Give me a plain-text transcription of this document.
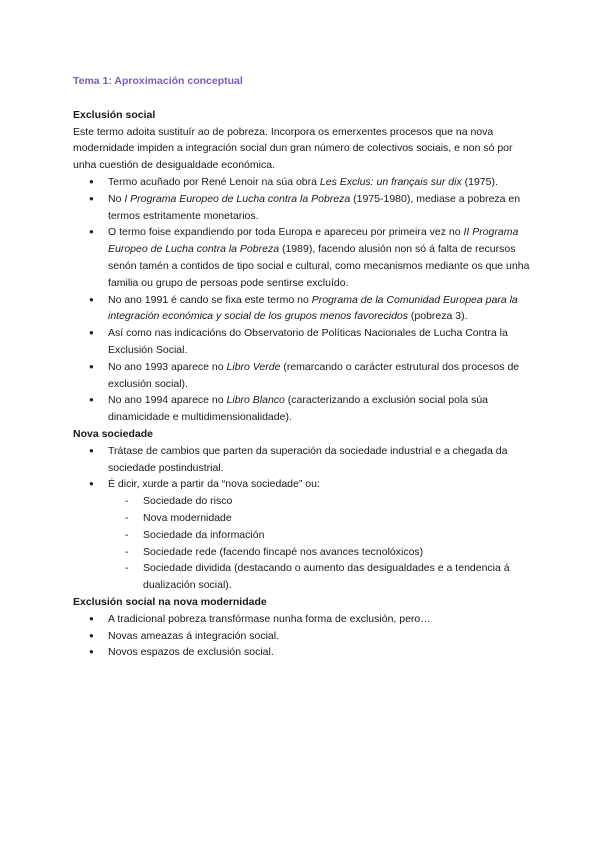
Tema 1: Aproximación conceptual

Exclusión social

Este termo adoita sustituír ao de pobreza. Incorpora os emerxentes procesos que na nova modernidade impiden a integración social dun gran número de colectivos sociais, e non só por unha cuestión de desigualdade económica.

● Termo acuñado por René Lenoir na súa obra Les Exclus: un français sur dix (1975).
● No I Programa Europeo de Lucha contra la Pobreza (1975-1980), mediase a pobreza en termos estritamente monetarios.
● O termo foise expandiendo por toda Europa e apareceu por primeira vez no II Programa Europeo de Lucha contra la Pobreza (1989), facendo alusión non só á falta de recursos senón tamén a contidos de tipo social e cultural, como mecanismos mediante os que unha familia ou grupo de persoas pode sentirse excluído.
● No ano 1991 é cando se fixa este termo no Programa de la Comunidad Europea para la integración económica y social de los grupos menos favorecidos (pobreza 3).
● Así como nas indicacións do Observatorio de Políticas Nacionales de Lucha Contra la Exclusión Social.
● No ano 1993 aparece no Libro Verde (remarcando o carácter estrutural dos procesos de exclusión social).
● No ano 1994 aparece no Libro Blanco (caracterizando a exclusión social pola súa dinamicidade e multidimensionalidade).
Nova sociedade
● Trátase de cambios que parten da superación da sociedade industrial e a chegada da sociedade postindustrial.
● É dicir, xurde a partir da “nova sociedade” ou:
- Sociedade do risco
- Nova modernidade
- Sociedade da información
- Sociedade rede (facendo fincapé nos avances tecnolóxicos)
- Sociedade dividida (destacando o aumento das desigualdades e a tendencia á dualización social).
Exclusión social na nova modernidade
● A tradicional pobreza transfórmase nunha forma de exclusión, pero…
● Novas ameazas á integración social.
● Novos espazos de exclusión social.
